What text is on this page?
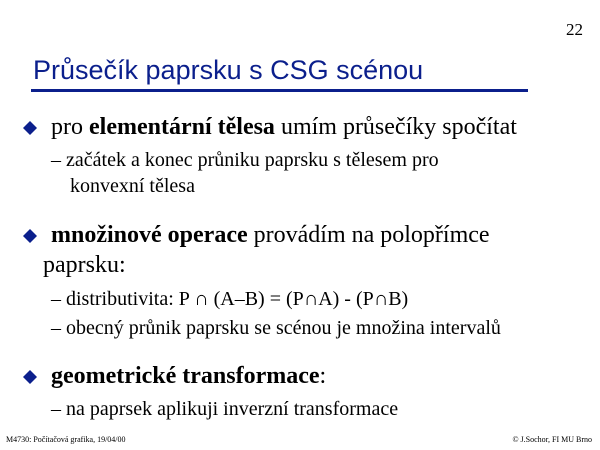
22
Průsečík paprsku s CSG scénou
pro elementární tělesa umím průsečíky spočítat
– začátek a konec průniku paprsku s tělesem pro
konvexní tělesa
množinové operace provádím na polopřímce
paprsku:
– distributivita: P ∩ (A–B) = (P∩A) - (P∩B)
– obecný průnik paprsku se scénou je množina intervalů
geometrické transformace:
– na paprsek aplikuji inverzní transformace
M4730: Počítačová grafika, 19/04/00	© J.Sochor, FI MU Brno
